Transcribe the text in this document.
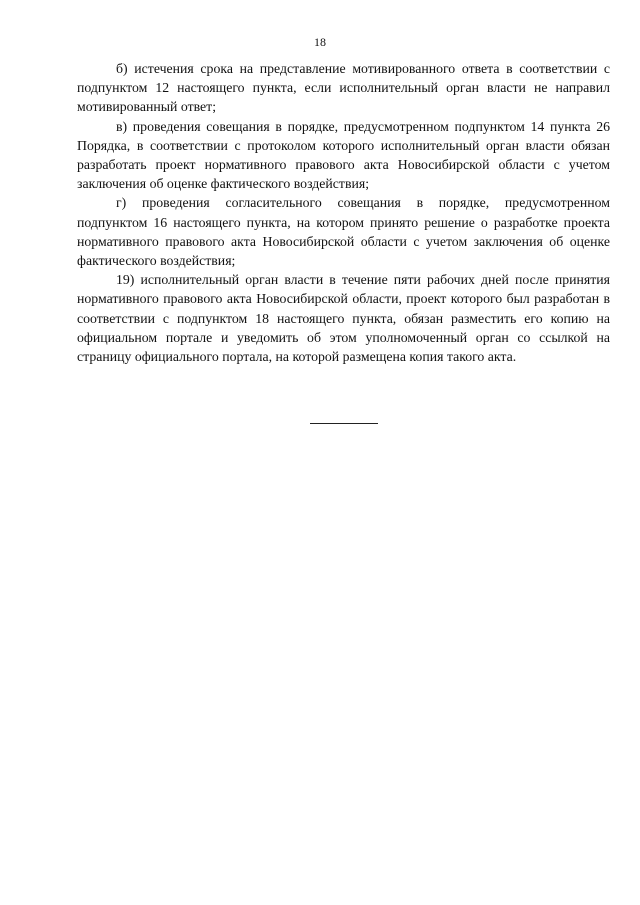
18

б) истечения срока на представление мотивированного ответа в соответствии с подпунктом 12 настоящего пункта, если исполнительный орган власти не направил мотивированный ответ;

в) проведения совещания в порядке, предусмотренном подпунктом 14 пункта 26 Порядка, в соответствии с протоколом которого исполнительный орган власти обязан разработать проект нормативного правового акта Новосибирской области с учетом заключения об оценке фактического воздействия;

г) проведения согласительного совещания в порядке, предусмотренном подпунктом 16 настоящего пункта, на котором принято решение о разработке проекта нормативного правового акта Новосибирской области с учетом заключения об оценке фактического воздействия;

19) исполнительный орган власти в течение пяти рабочих дней после принятия нормативного правового акта Новосибирской области, проект которого был разработан в соответствии с подпунктом 18 настоящего пункта, обязан разместить его копию на официальном портале и уведомить об этом уполномоченный орган со ссылкой на страницу официального портала, на которой размещена копия такого акта.
